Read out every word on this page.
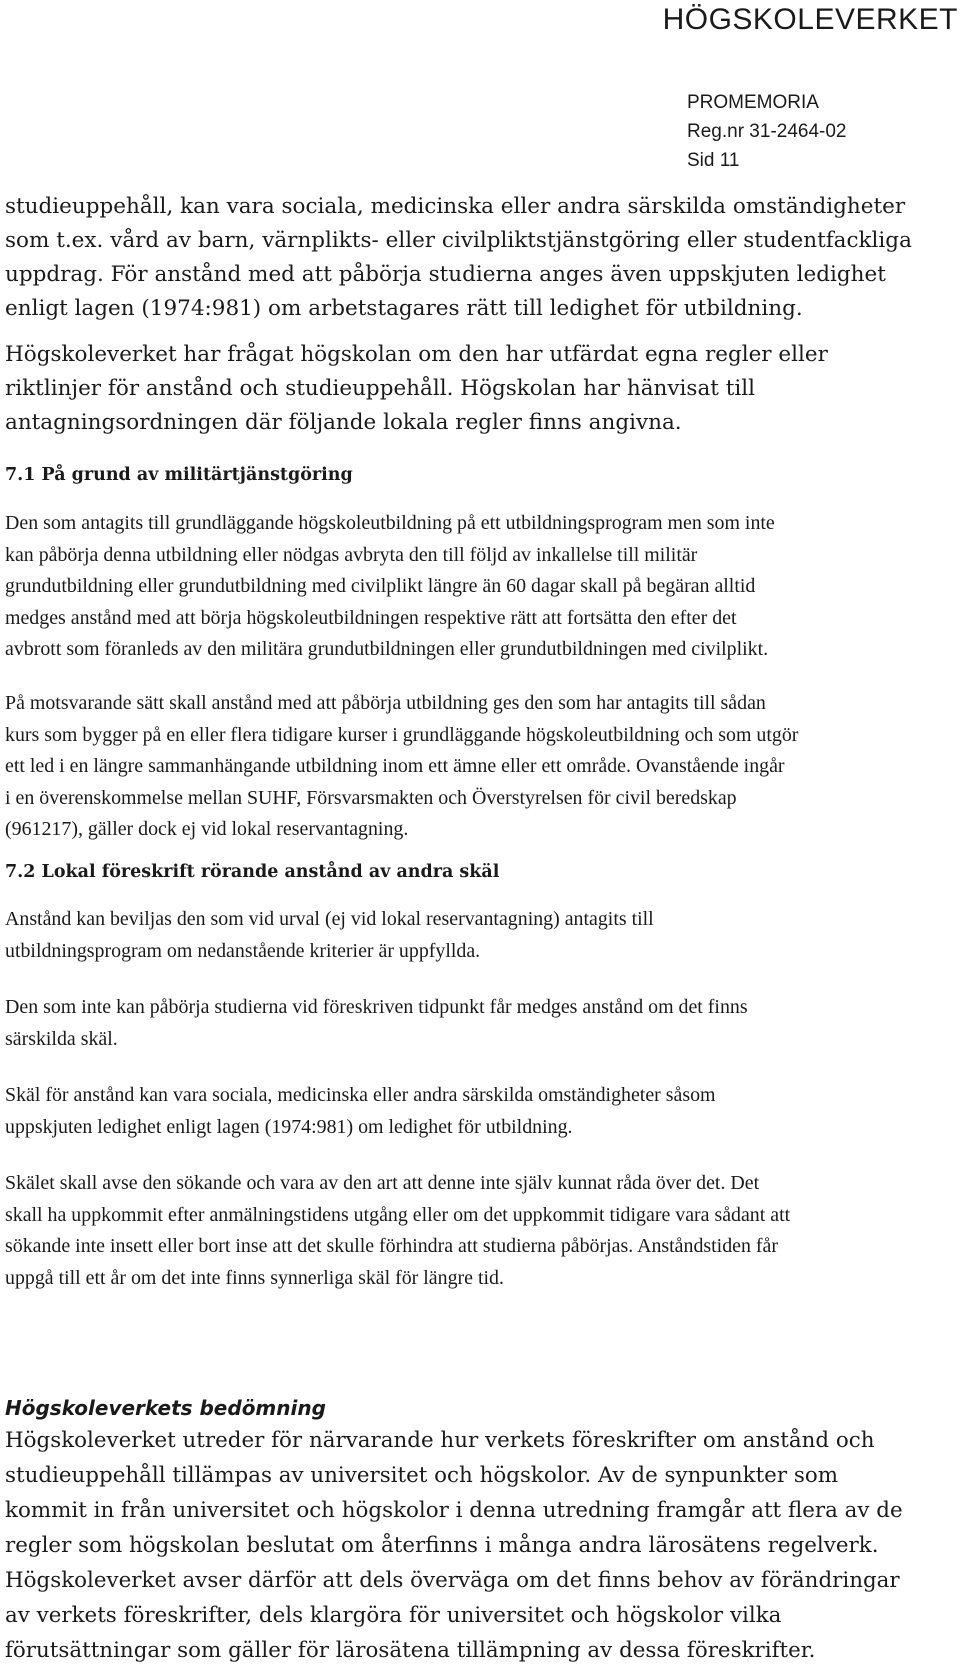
HÖGSKOLEVERKET
PROMEMORIA
Reg.nr 31-2464-02
Sid 11
studieuppehåll, kan vara sociala, medicinska eller andra särskilda omständigheter
som t.ex. vård av barn, värnplikts- eller civilpliktstjänstgöring eller studentfackliga
uppdrag. För anstånd med att påbörja studierna anges även uppskjuten ledighet
enligt lagen (1974:981) om arbetstagares rätt till ledighet för utbildning.
Högskoleverket har frågat högskolan om den har utfärdat egna regler eller
riktlinjer för anstånd och studieuppehåll. Högskolan har hänvisat till
antagningsordningen där följande lokala regler finns angivna.
7.1 På grund av militärtjänstgöring
Den som antagits till grundläggande högskoleutbildning på ett utbildningsprogram men som inte
kan påbörja denna utbildning eller nödgas avbryta den till följd av inkallelse till militär
grundutbildning eller grundutbildning med civilplikt längre än 60 dagar skall på begäran alltid
medges anstånd med att börja högskoleutbildningen respektive rätt att fortsätta den efter det
avbrott som föranleds av den militära grundutbildningen eller grundutbildningen med civilplikt.
På motsvarande sätt skall anstånd med att påbörja utbildning ges den som har antagits till sådan
kurs som bygger på en eller flera tidigare kurser i grundläggande högskoleutbildning och som utgör
ett led i en längre sammanhängande utbildning inom ett ämne eller ett område. Ovanstående ingår
i en överenskommelse mellan SUHF, Försvarsmakten och Överstyrelsen för civil beredskap
(961217), gäller dock ej vid lokal reservantagning.
7.2 Lokal föreskrift rörande anstånd av andra skäl
Anstånd kan beviljas den som vid urval (ej vid lokal reservantagning) antagits till
utbildningsprogram om nedanstående kriterier är uppfyllda.
Den som inte kan påbörja studierna vid föreskriven tidpunkt får medges anstånd om det finns
särskilda skäl.
Skäl för anstånd kan vara sociala, medicinska eller andra särskilda omständigheter såsom
uppskjuten ledighet enligt lagen (1974:981) om ledighet för utbildning.
Skälet skall avse den sökande och vara av den art att denne inte själv kunnat råda över det. Det
skall ha uppkommit efter anmälningstidens utgång eller om det uppkommit tidigare vara sådant att
sökande inte insett eller bort inse att det skulle förhindra att studierna påbörjas. Anståndstiden får
uppgå till ett år om det inte finns synnerliga skäl för längre tid.
Högskoleverkets bedömning
Högskoleverket utreder för närvarande hur verkets föreskrifter om anstånd och
studieuppehåll tillämpas av universitet och högskolor. Av de synpunkter som
kommit in från universitet och högskolor i denna utredning framgår att flera av de
regler som högskolan beslutat om återfinns i många andra lärosätens regelverk.
Högskoleverket avser därför att dels överväga om det finns behov av förändringar
av verkets föreskrifter, dels klargöra för universitet och högskolor vilka
förutsättningar som gäller för lärosätena tillämpning av dessa föreskrifter.
